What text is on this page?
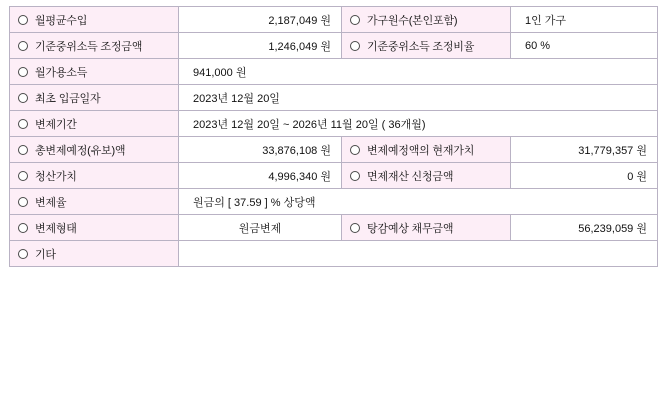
월평균수입	2,187,049 원	가구원수(본인포함)	1인 가구

기준중위소득 조정금액	1,246,049 원	기준중위소득 조정비율	60 %

월가용소득	941,000 원		

최초 입금일자	2023년 12월 20일		

변제기간	2023년 12월 20일 ~ 2026년 11월 20일 ( 36개월)		

총변제예정(유보)액	33,876,108 원	변제예정액의 현재가치	31,779,357 원

청산가치	4,996,340 원	면제재산 신청금액	0 원

변제율	원금의 [ 37.59 ] % 상당액		

변제형태	원금변제	탕감예상 채무금액	56,239,059 원

기타			
